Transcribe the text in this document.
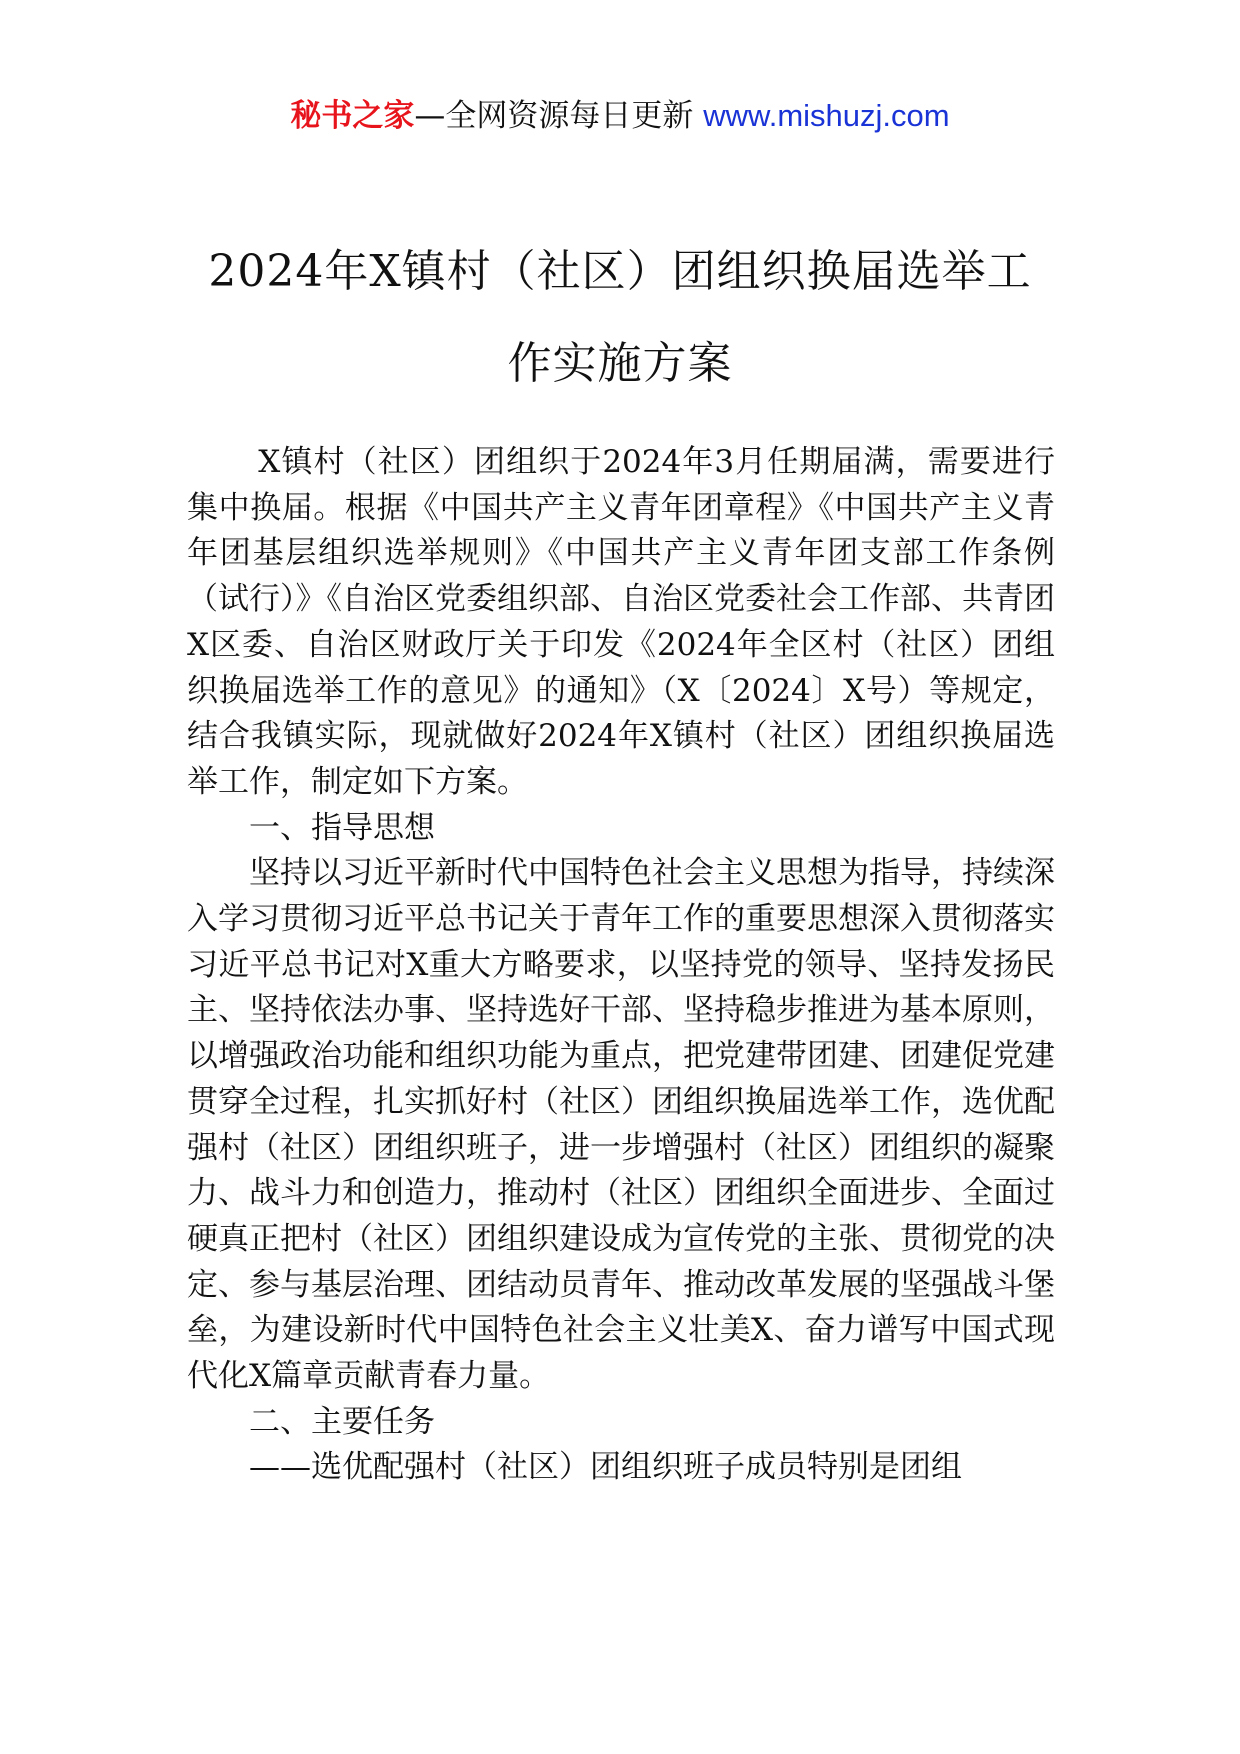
秘书之家—全网资源每日更新 www.mishuzj.com
2024年X镇村（社区）团组织换届选举工
作实施方案

X镇村（社区）团组织于2024年3月任期届满，需要进行集中换届。根据《中国共产主义青年团章程》《中国共产主义青年团基层组织选举规则》《中国共产主义青年团支部工作条例（试行）》《自治区党委组织部、自治区党委社会工作部、共青团X区委、自治区财政厅关于印发《2024年全区村（社区）团组织换届选举工作的意见》的通知》（X〔2024〕X号）等规定，结合我镇实际，现就做好2024年X镇村（社区）团组织换届选举工作，制定如下方案。

一、指导思想

坚持以习近平新时代中国特色社会主义思想为指导，持续深入学习贯彻习近平总书记关于青年工作的重要思想深入贯彻落实习近平总书记对X重大方略要求，以坚持党的领导、坚持发扬民主、坚持依法办事、坚持选好干部、坚持稳步推进为基本原则，以增强政治功能和组织功能为重点，把党建带团建、团建促党建贯穿全过程，扎实抓好村（社区）团组织换届选举工作，选优配强村（社区）团组织班子，进一步增强村（社区）团组织的凝聚力、战斗力和创造力，推动村（社区）团组织全面进步、全面过硬真正把村（社区）团组织建设成为宣传党的主张、贯彻党的决定、参与基层治理、团结动员青年、推动改革发展的坚强战斗堡垒，为建设新时代中国特色社会主义壮美X、奋力谱写中国式现代化X篇章贡献青春力量。

二、主要任务

——选优配强村（社区）团组织班子成员特别是团组
